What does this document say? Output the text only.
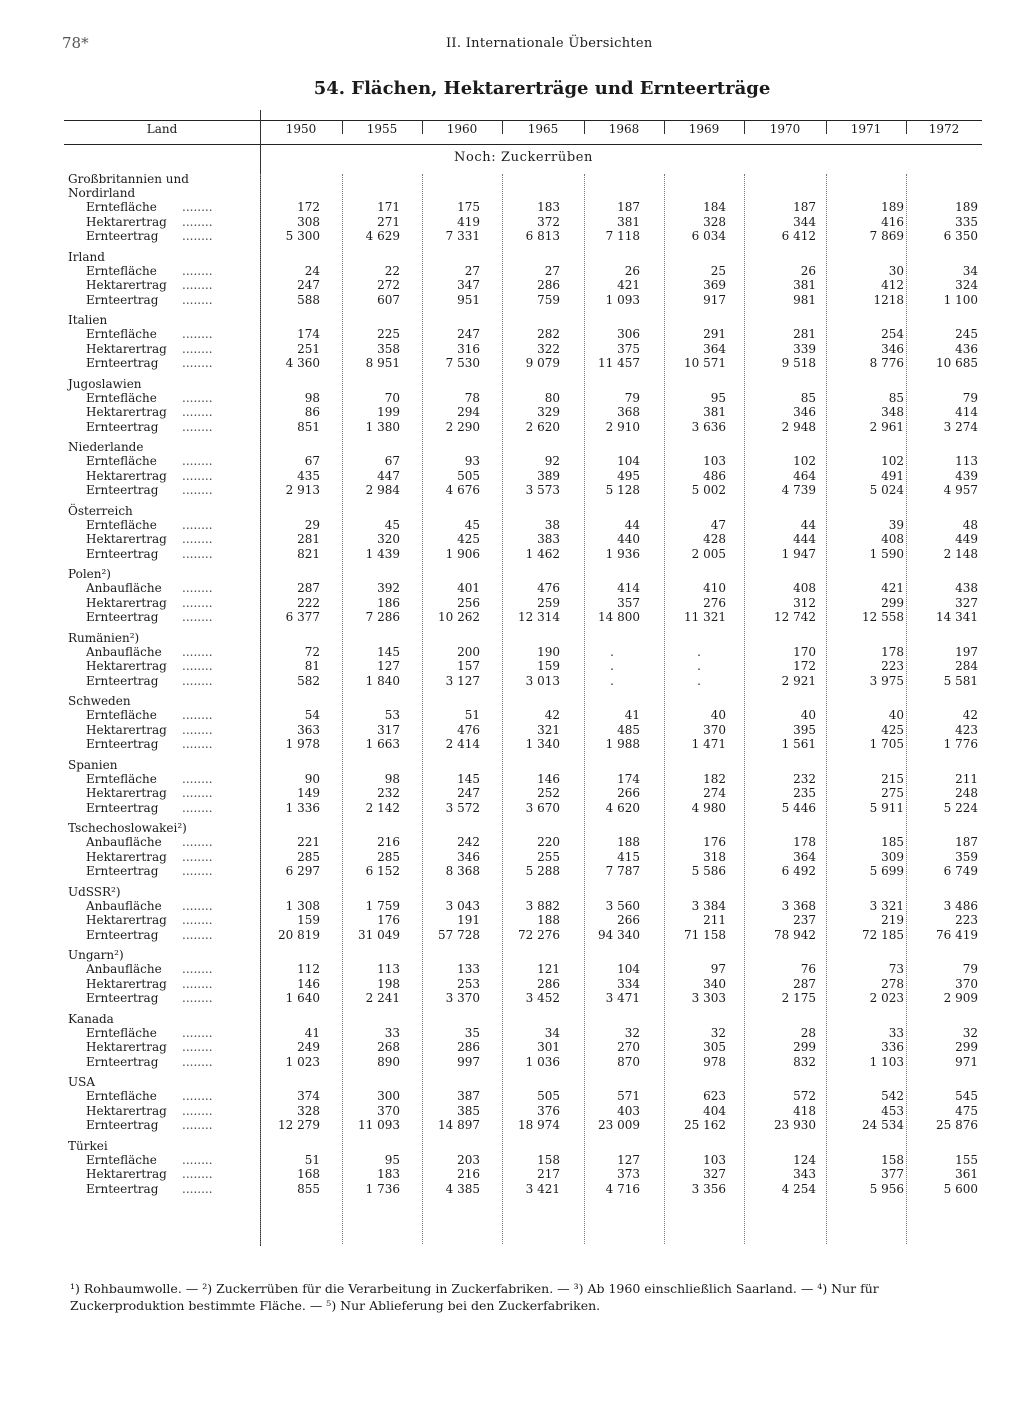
78*	II. Internationale Übersichten
54. Flächen, Hektarerträge und Ernteerträge
Noch: Zuckerrüben
Land	1950	1955	1960	1965	1968	1969	1970	1971	1972
Großbritannien und
Nordirland
Erntefläche ........	172	171	175	183	187	184	187	189	189
Hektarertrag ........	308	271	419	372	381	328	344	416	335
Ernteertrag ........	5 300	4 629	7 331	6 813	7 118	6 034	6 412	7 869	6 350
Irland
Erntefläche ........	24	22	27	27	26	25	26	30	34
Hektarertrag ........	247	272	347	286	421	369	381	412	324
Ernteertrag ........	588	607	951	759	1 093	917	981	1218	1 100
Italien
Erntefläche ........	174	225	247	282	306	291	281	254	245
Hektarertrag ........	251	358	316	322	375	364	339	346	436
Ernteertrag ........	4 360	8 951	7 530	9 079	11 457	10 571	9 518	8 776	10 685
Jugoslawien
Erntefläche ........	98	70	78	80	79	95	85	85	79
Hektarertrag ........	86	199	294	329	368	381	346	348	414
Ernteertrag ........	851	1 380	2 290	2 620	2 910	3 636	2 948	2 961	3 274
Niederlande
Erntefläche ........	67	67	93	92	104	103	102	102	113
Hektarertrag ........	435	447	505	389	495	486	464	491	439
Ernteertrag ........	2 913	2 984	4 676	3 573	5 128	5 002	4 739	5 024	4 957
Österreich
Erntefläche ........	29	45	45	38	44	47	44	39	48
Hektarertrag ........	281	320	425	383	440	428	444	408	449
Ernteertrag ........	821	1 439	1 906	1 462	1 936	2 005	1 947	1 590	2 148
Polen²)
Anbaufläche ........	287	392	401	476	414	410	408	421	438
Hektarertrag ........	222	186	256	259	357	276	312	299	327
Ernteertrag ........	6 377	7 286	10 262	12 314	14 800	11 321	12 742	12 558	14 341
Rumänien²)
Anbaufläche ........	72	145	200	190	.	.	170	178	197
Hektarertrag ........	81	127	157	159	.	.	172	223	284
Ernteertrag ........	582	1 840	3 127	3 013	.	.	2 921	3 975	5 581
Schweden
Erntefläche ........	54	53	51	42	41	40	40	40	42
Hektarertrag ........	363	317	476	321	485	370	395	425	423
Ernteertrag ........	1 978	1 663	2 414	1 340	1 988	1 471	1 561	1 705	1 776
Spanien
Erntefläche ........	90	98	145	146	174	182	232	215	211
Hektarertrag ........	149	232	247	252	266	274	235	275	248
Ernteertrag ........	1 336	2 142	3 572	3 670	4 620	4 980	5 446	5 911	5 224
Tschechoslowakei²)
Anbaufläche ........	221	216	242	220	188	176	178	185	187
Hektarertrag ........	285	285	346	255	415	318	364	309	359
Ernteertrag ........	6 297	6 152	8 368	5 288	7 787	5 586	6 492	5 699	6 749
UdSSR²)
Anbaufläche ........	1 308	1 759	3 043	3 882	3 560	3 384	3 368	3 321	3 486
Hektarertrag ........	159	176	191	188	266	211	237	219	223
Ernteertrag ........	20 819	31 049	57 728	72 276	94 340	71 158	78 942	72 185	76 419
Ungarn²)
Anbaufläche ........	112	113	133	121	104	97	76	73	79
Hektarertrag ........	146	198	253	286	334	340	287	278	370
Ernteertrag ........	1 640	2 241	3 370	3 452	3 471	3 303	2 175	2 023	2 909
Kanada
Erntefläche ........	41	33	35	34	32	32	28	33	32
Hektarertrag ........	249	268	286	301	270	305	299	336	299
Ernteertrag ........	1 023	890	997	1 036	870	978	832	1 103	971
USA
Erntefläche ........	374	300	387	505	571	623	572	542	545
Hektarertrag ........	328	370	385	376	403	404	418	453	475
Ernteertrag ........	12 279	11 093	14 897	18 974	23 009	25 162	23 930	24 534	25 876
Türkei
Erntefläche ........	51	95	203	158	127	103	124	158	155
Hektarertrag ........	168	183	216	217	373	327	343	377	361
Ernteertrag ........	855	1 736	4 385	3 421	4 716	3 356	4 254	5 956	5 600
¹) Rohbaumwolle. — ²) Zuckerrüben für die Verarbeitung in Zuckerfabriken. — ³) Ab 1960 einschließlich Saarland. — ⁴) Nur für Zuckerproduktion bestimmte Fläche. — ⁵) Nur Ablieferung bei den Zuckerfabriken.
